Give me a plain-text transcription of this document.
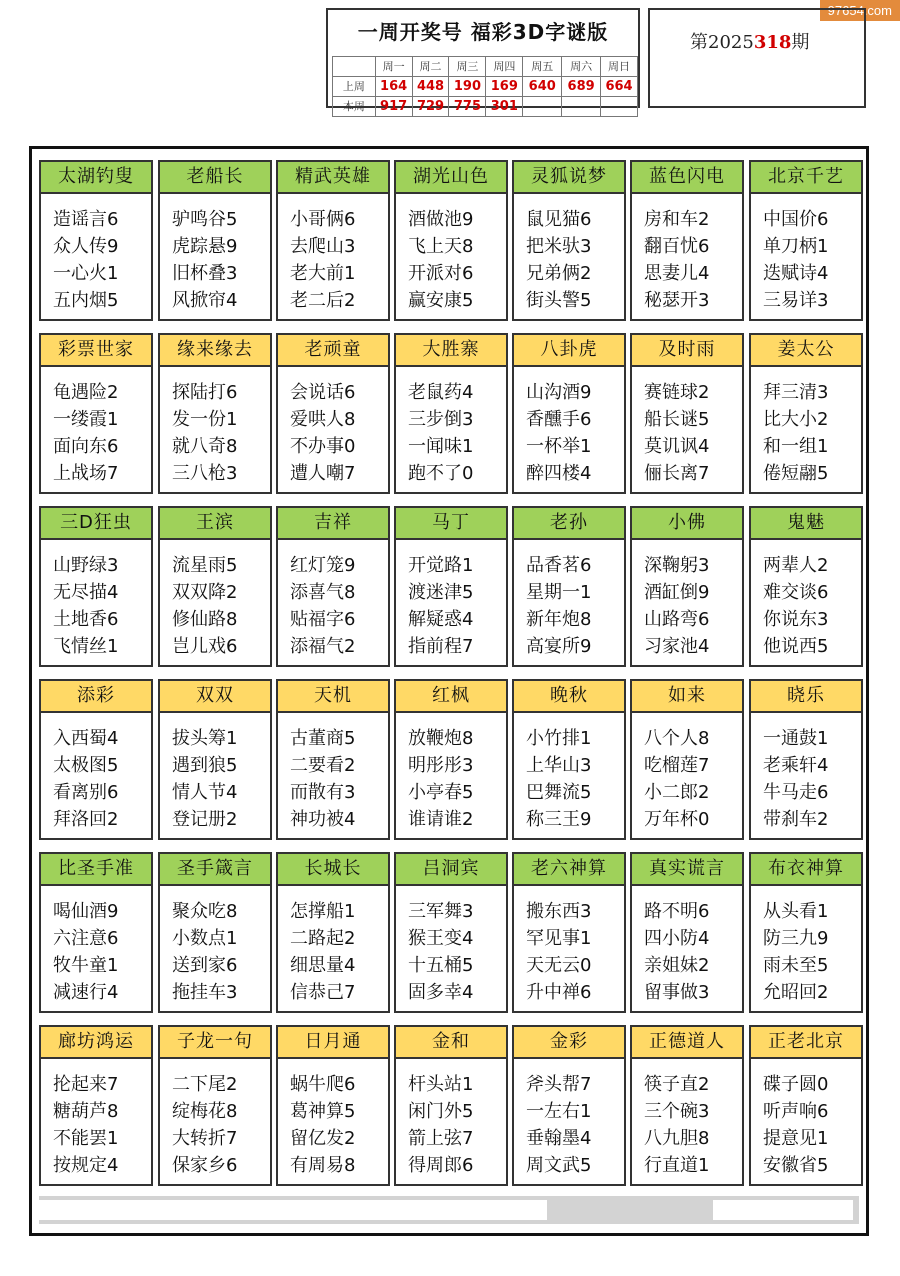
97654.com
一周开奖号 福彩3D字谜版
	周一	周二	周三	周四	周五	周六	周日
上周	164	448	190	169	640	689	664
本周	917	729	775	301			
第2025318期
太湖钓叟
造谣言6
众人传9
一心火1
五内烟5
老船长
驴鸣谷5
虎踪悬9
旧杯叠3
风掀帘4
精武英雄
小哥俩6
去爬山3
老大前1
老二后2
湖光山色
酒做池9
飞上天8
开派对6
赢安康5
灵狐说梦
鼠见猫6
把米驮3
兄弟俩2
街头警5
蓝色闪电
房和车2
翻百忧6
思妻儿4
秘瑟开3
北京千艺
中国价6
单刀柄1
迭赋诗4
三易详3
彩票世家
龟遇险2
一缕霞1
面向东6
上战场7
缘来缘去
探陆打6
发一份1
就八奇8
三八枪3
老顽童
会说话6
爱哄人8
不办事0
遭人嘲7
大胜寨
老鼠药4
三步倒3
一闻味1
跑不了0
八卦虎
山沟酒9
香醺手6
一杯举1
醉四楼4
及时雨
赛链球2
船长谜5
莫讥讽4
俪长离7
姜太公
拜三清3
比大小2
和一组1
倦短翮5
三D狂虫
山野绿3
无尽描4
土地香6
飞情丝1
王滨
流星雨5
双双降2
修仙路8
岂儿戏6
吉祥
红灯笼9
添喜气8
贴福字6
添福气2
马丁
开觉路1
渡迷津5
解疑惑4
指前程7
老孙
品香茗6
星期一1
新年炮8
高宴所9
小佛
深鞠躬3
酒缸倒9
山路弯6
习家池4
鬼魅
两辈人2
难交谈6
你说东3
他说西5
添彩
入西蜀4
太极图5
看离别6
拜洛回2
双双
拔头筹1
遇到狼5
情人节4
登记册2
天机
古董商5
二要看2
而散有3
神功被4
红枫
放鞭炮8
明彤彤3
小亭春5
谁请谁2
晚秋
小竹排1
上华山3
巴舞流5
称三王9
如来
八个人8
吃榴莲7
小二郎2
万年杯0
晓乐
一通鼓1
老乘轩4
牛马走6
带刹车2
比圣手准
喝仙酒9
六注意6
牧牛童1
减速行4
圣手箴言
聚众吃8
小数点1
送到家6
拖挂车3
长城长
怎撑船1
二路起2
细思量4
信恭己7
吕洞宾
三军舞3
猴王变4
十五桶5
固多幸4
老六神算
搬东西3
罕见事1
天无云0
升中禅6
真实谎言
路不明6
四小防4
亲姐妹2
留事做3
布衣神算
从头看1
防三九9
雨未至5
允昭回2
廊坊鸿运
抡起来7
糖葫芦8
不能罢1
按规定4
子龙一句
二下尾2
绽梅花8
大转折7
保家乡6
日月通
蜗牛爬6
葛神算5
留亿发2
有周易8
金和
杆头站1
闲门外5
箭上弦7
得周郎6
金彩
斧头帮7
一左右1
垂翰墨4
周文武5
正德道人
筷子直2
三个碗3
八九胆8
行直道1
正老北京
碟子圆0
听声响6
提意见1
安徽省5
